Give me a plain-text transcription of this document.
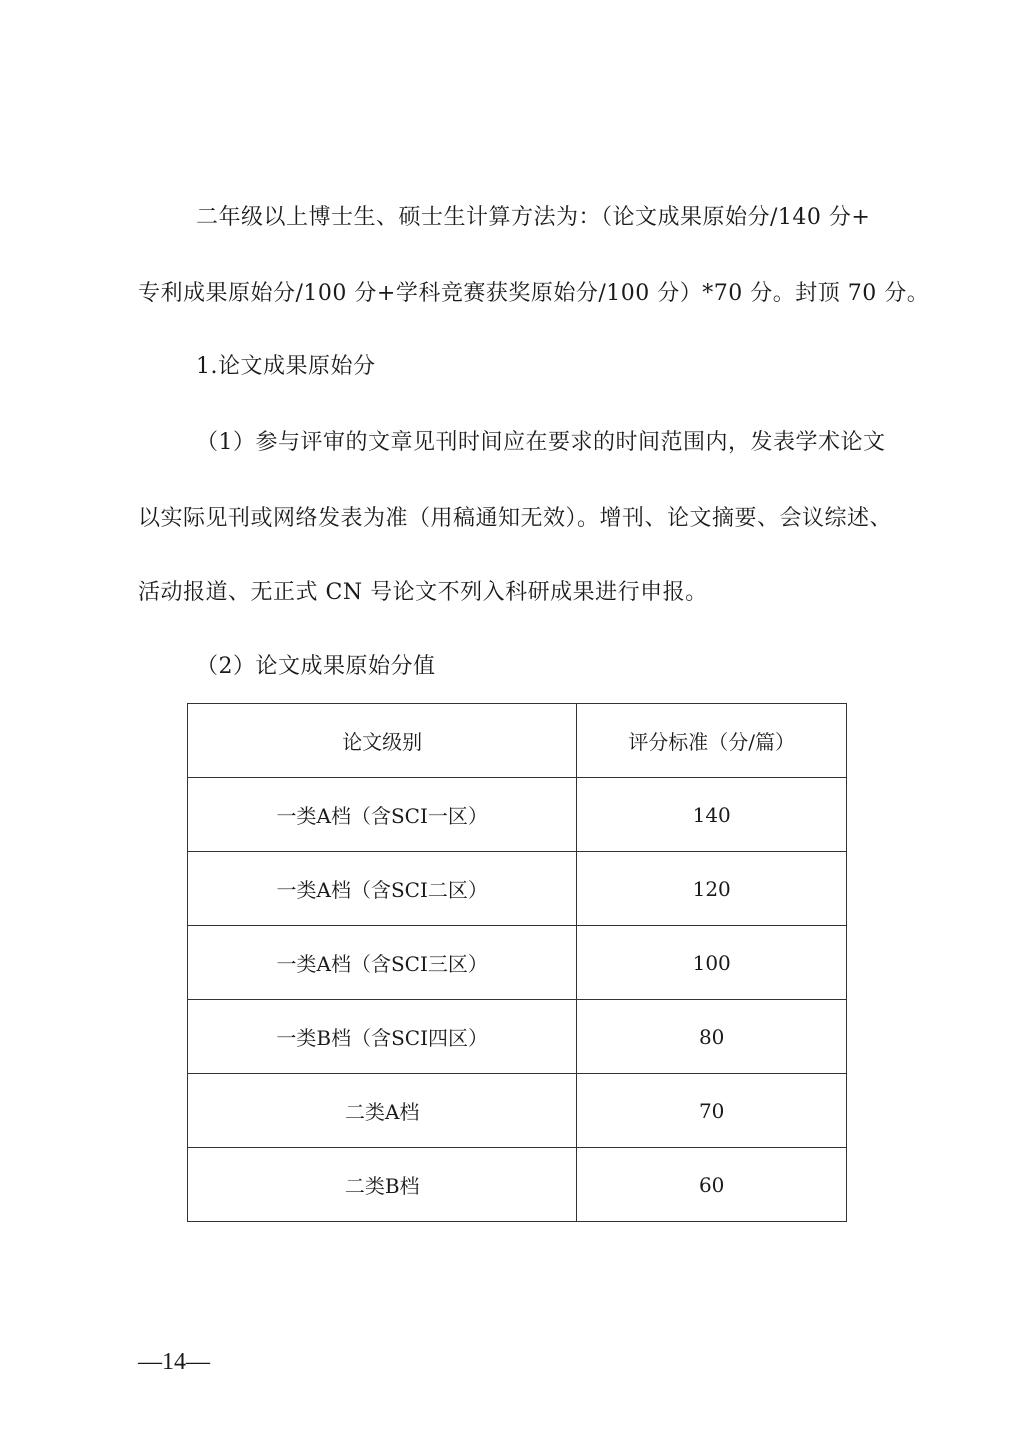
二年级以上博士生、硕士生计算方法为：（论文成果原始分/140 分+
专利成果原始分/100 分+学科竞赛获奖原始分/100 分）*70 分。封顶 70 分。
1.论文成果原始分
（1）参与评审的文章见刊时间应在要求的时间范围内，发表学术论文
以实际见刊或网络发表为准（用稿通知无效）。增刊、论文摘要、会议综述、
活动报道、无正式 CN 号论文不列入科研成果进行申报。
（2）论文成果原始分值
论文级别	评分标准（分/篇）
一类A档（含SCI一区）	140
一类A档（含SCI二区）	120
一类A档（含SCI三区）	100
一类B档（含SCI四区）	80
二类A档	70
二类B档	60
—14—
